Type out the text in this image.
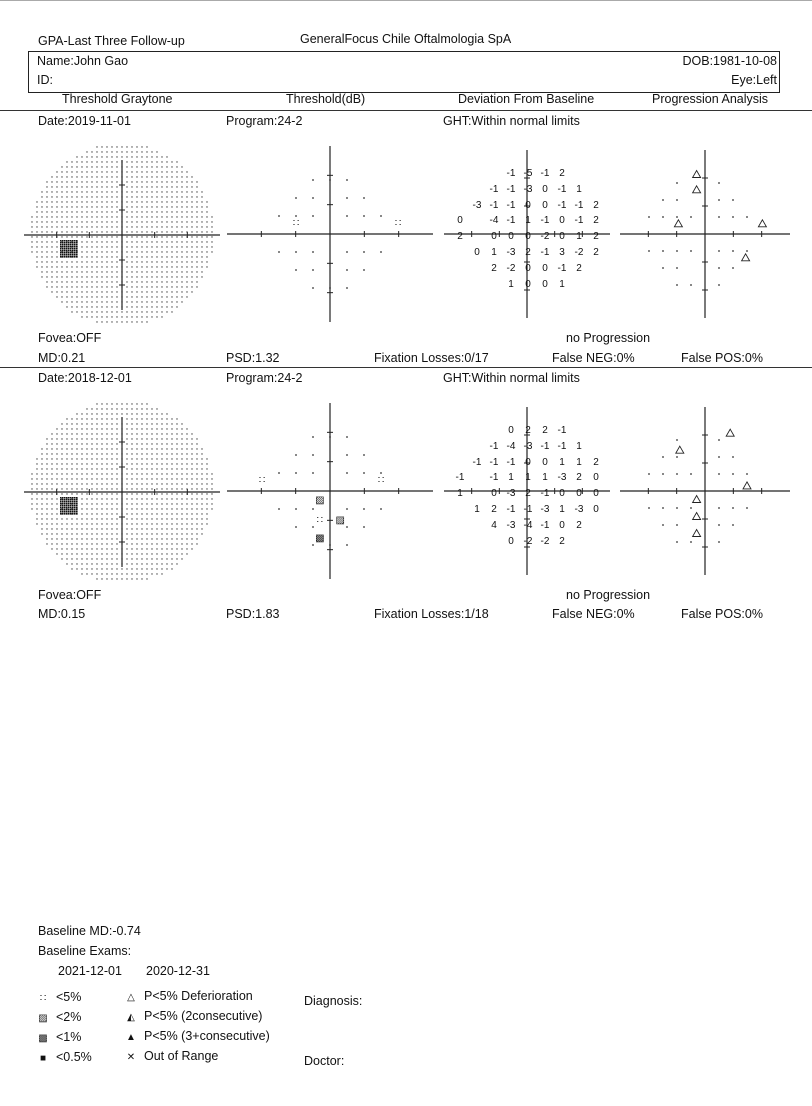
GPA-Last Three Follow-up	GeneralFocus Chile Oftalmologia SpA
Name:John Gao	DOB:1981-10-08
ID:	Eye:Left
Threshold Graytone	Threshold(dB)	Deviation From Baseline	Progression Analysis
Date:2019-11-01	Program:24-2	GHT:Within normal limits
∷	∷
-1 -5 -1 2
-1 -1 -3 0 -1 1
-3 -1 -1 0 0 -1 -1 2
0	-4 -1 1 -1 0 -1 2
2	0 0 0 -2 0 1 2
0 1 -3 2 -1 3 -2 2
2 -2 0 0 -1 2
1 0 0 1
Fovea:OFF	no Progression
MD:0.21	PSD:1.32	Fixation Losses:0/17	False NEG:0%	False POS:0%
Date:2018-12-01	Program:24-2	GHT:Within normal limits
∷	∷
▨
▨
∷
▩
0 2 2 -1
-1 -4 -3 -1 -1 1
-1 -1 -1 0 0 1 1 2
-1	-1 1 1 1 -3 2 0
1	0 -3 2 -1 0 0 0
1 2 -1 -1 -3 1 -3 0
4 -3 -4 -1 0 2
0 -2 -2 2
Fovea:OFF	no Progression
MD:0.15	PSD:1.83	Fixation Losses:1/18	False NEG:0%	False POS:0%
Baseline MD:-0.74
Baseline Exams:
2021-12-01 2020-12-31
∷ <5%
▨ <2%
▩ <1%
■ <0.5%
△ P<5% Deferioration
◭ P<5% (2consecutive)
▲ P<5% (3+consecutive)
✕ Out of Range
Diagnosis:
Doctor:
